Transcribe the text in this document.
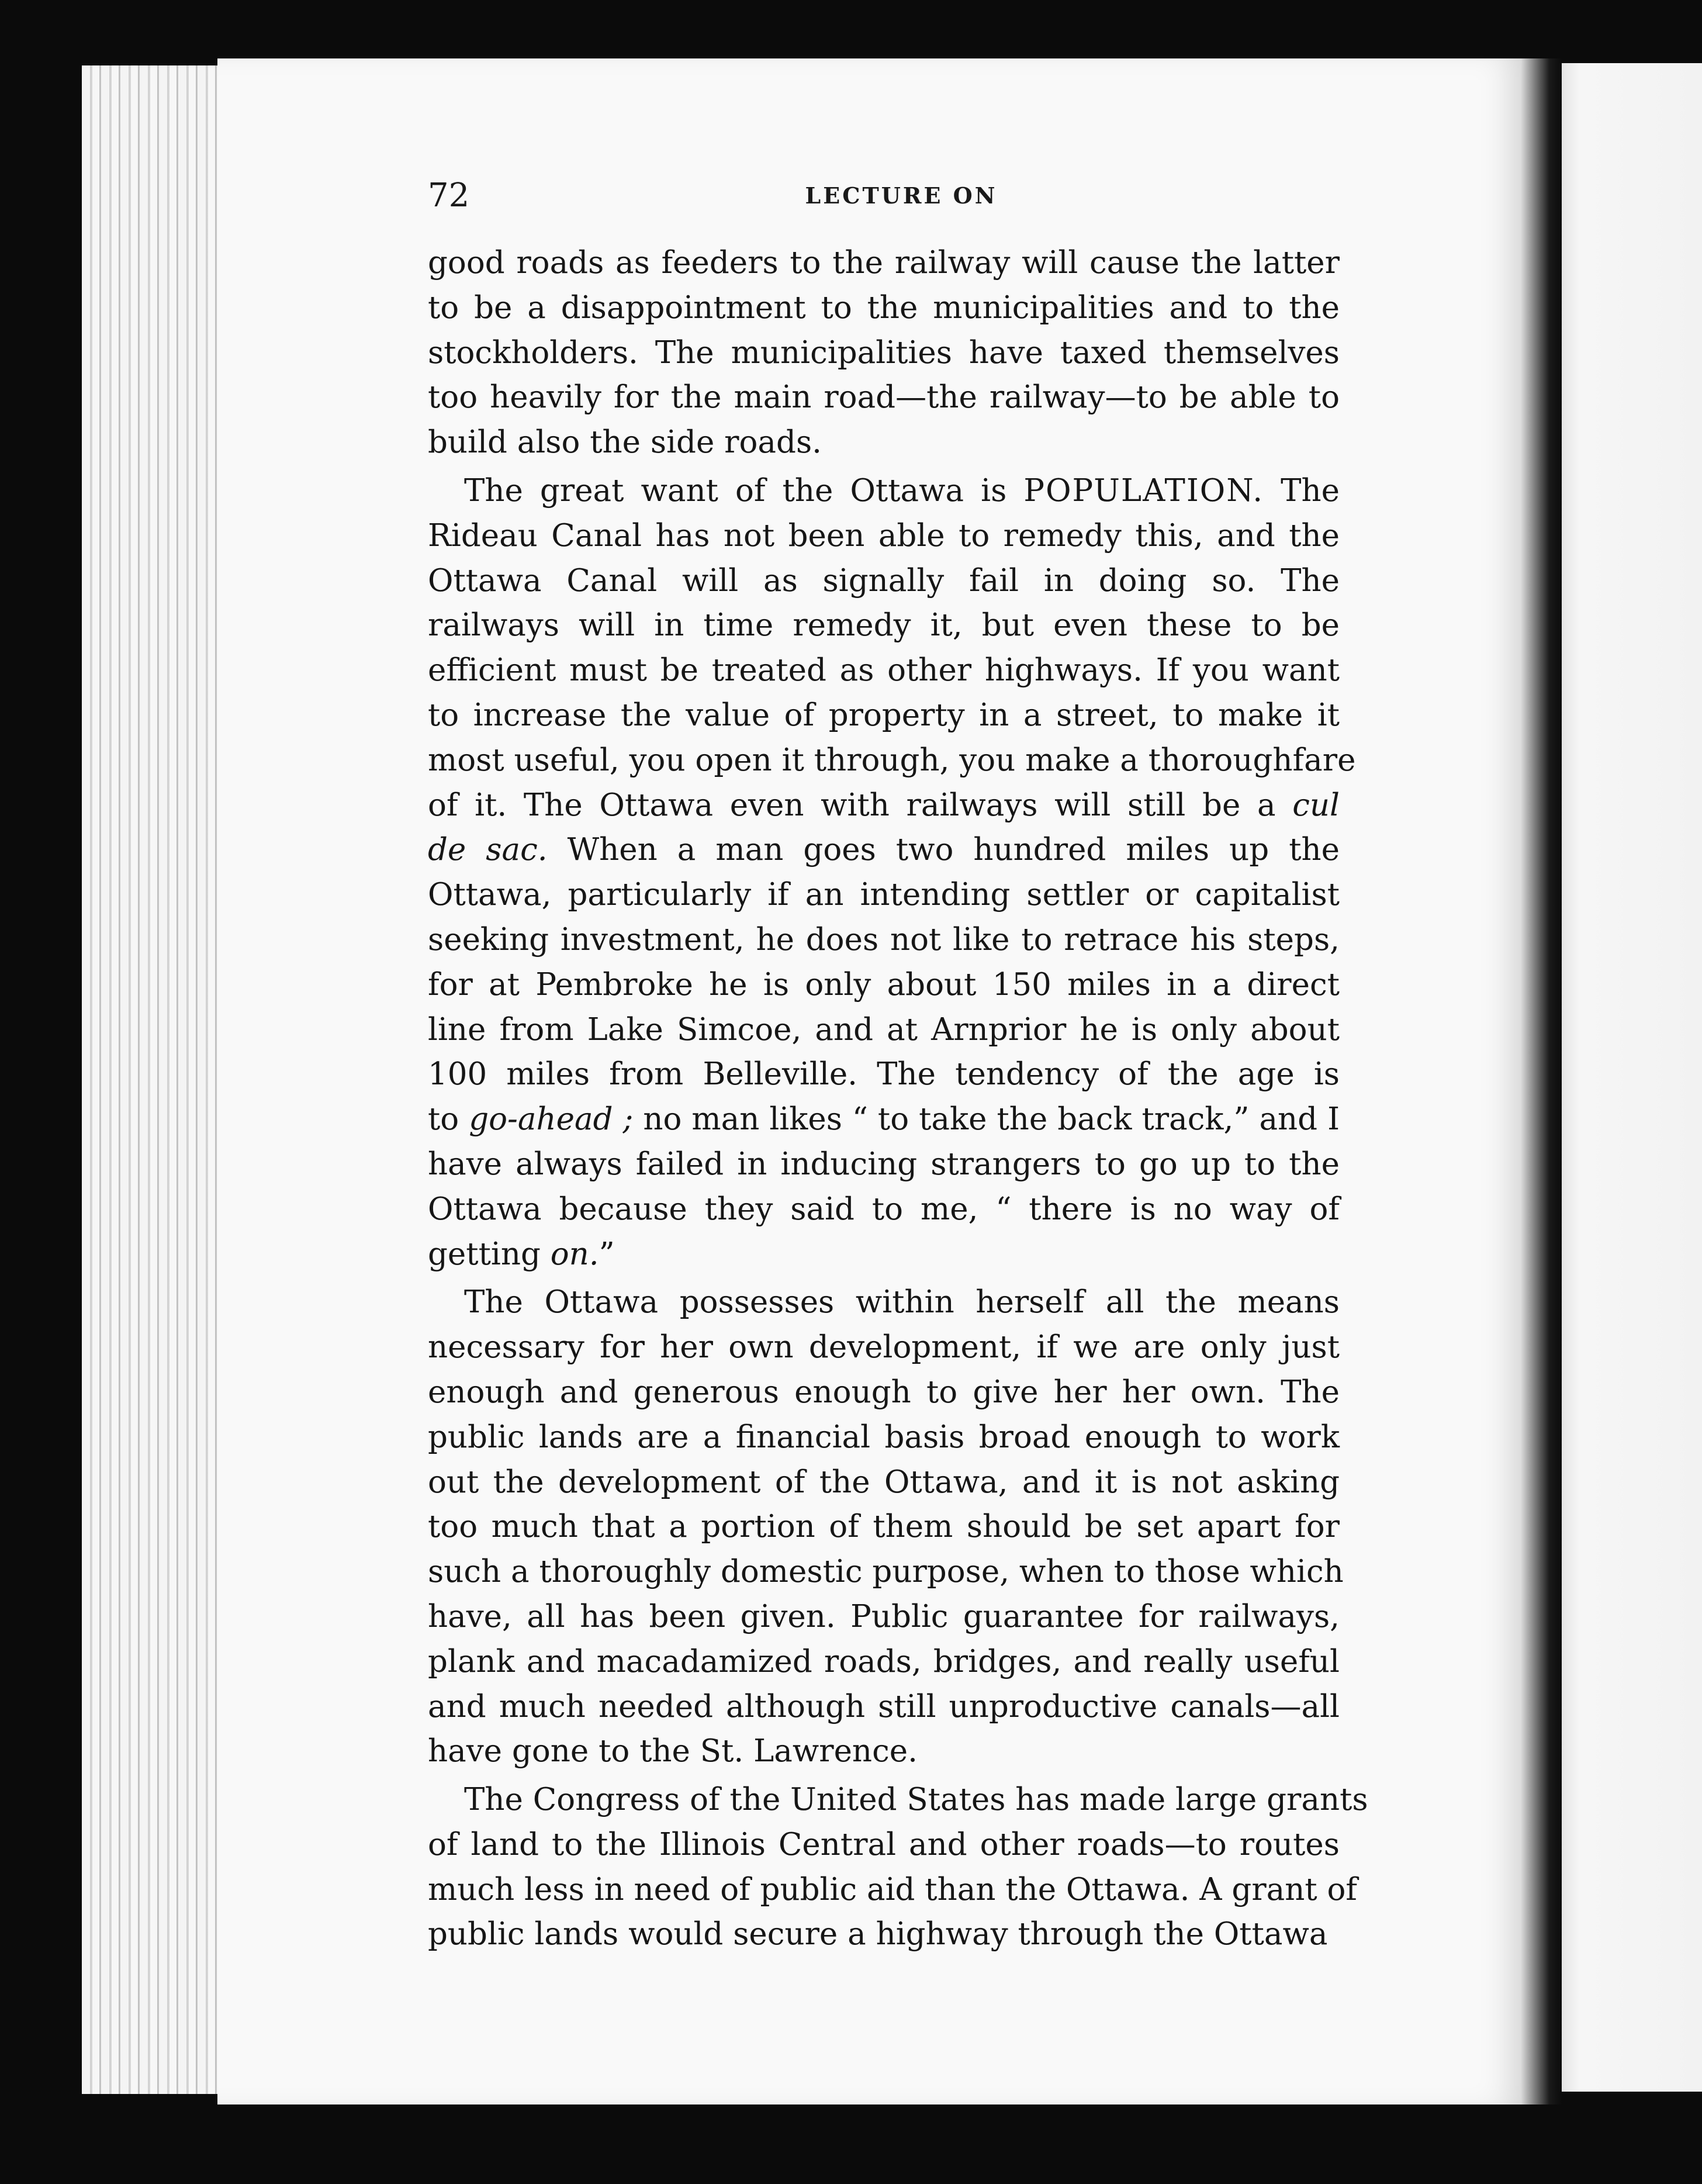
72	LECTURE ON

good roads as feeders to the railway will cause the latter
to be a disappointment to the municipalities and to the
stockholders. The municipalities have taxed themselves
too heavily for the main road—the railway—to be able to
build also the side roads.

The great want of the Ottawa is POPULATION. The
Rideau Canal has not been able to remedy this, and the
Ottawa Canal will as signally fail in doing so. The
railways will in time remedy it, but even these to be
efficient must be treated as other highways. If you want
to increase the value of property in a street, to make it
most useful, you open it through, you make a thoroughfare
of it. The Ottawa even with railways will still be a cul
de sac. When a man goes two hundred miles up the
Ottawa, particularly if an intending settler or capitalist
seeking investment, he does not like to retrace his steps,
for at Pembroke he is only about 150 miles in a direct
line from Lake Simcoe, and at Arnprior he is only about
100 miles from Belleville. The tendency of the age is
to go-ahead ; no man likes “ to take the back track,” and I
have always failed in inducing strangers to go up to the
Ottawa because they said to me, “ there is no way of
getting on.”

The Ottawa possesses within herself all the means
necessary for her own development, if we are only just
enough and generous enough to give her her own. The
public lands are a financial basis broad enough to work
out the development of the Ottawa, and it is not asking
too much that a portion of them should be set apart for
such a thoroughly domestic purpose, when to those which
have, all has been given. Public guarantee for railways,
plank and macadamized roads, bridges, and really useful
and much needed although still unproductive canals—all
have gone to the St. Lawrence.

The Congress of the United States has made large grants
of land to the Illinois Central and other roads—to routes
much less in need of public aid than the Ottawa. A grant of
public lands would secure a highway through the Ottawa
